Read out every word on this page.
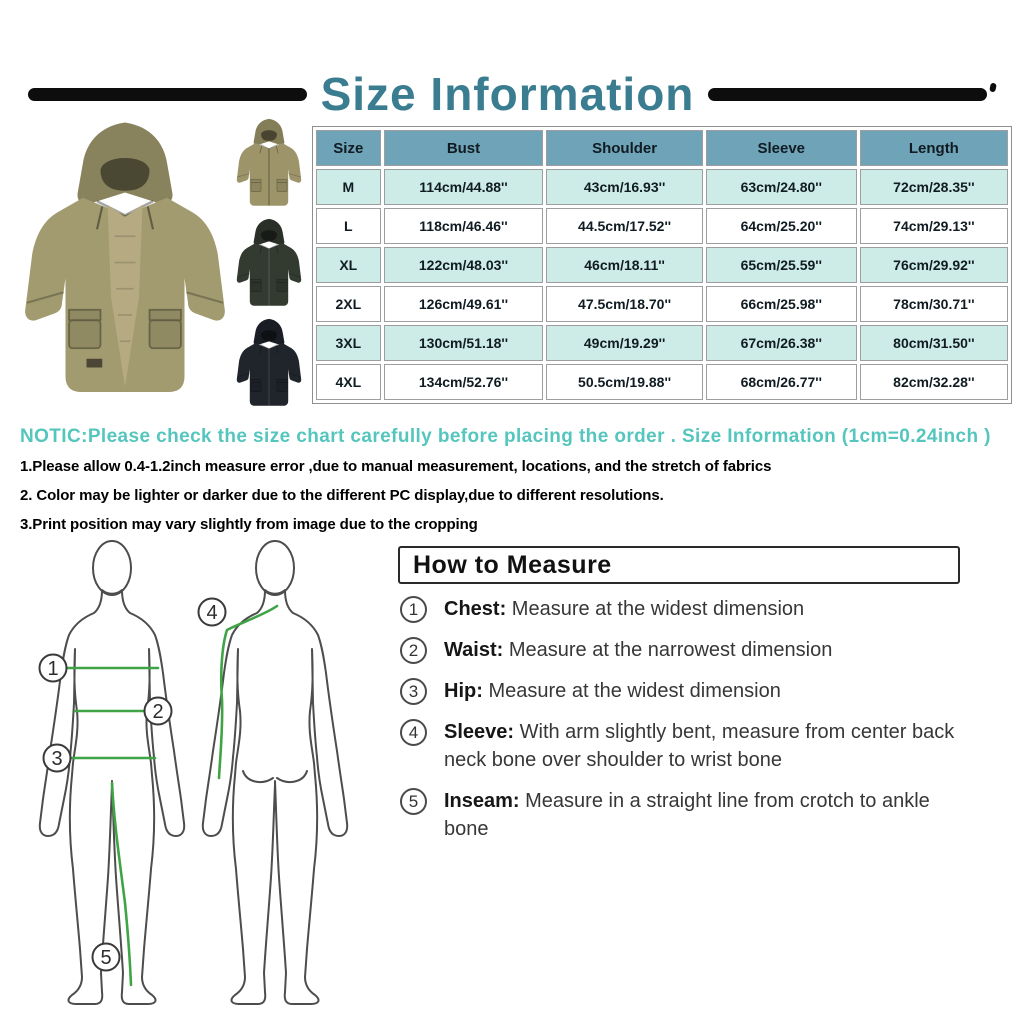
Size Information
Size	Bust	Shoulder	Sleeve	Length
M	114cm/44.88''	43cm/16.93''	63cm/24.80''	72cm/28.35''
L	118cm/46.46''	44.5cm/17.52''	64cm/25.20''	74cm/29.13''
XL	122cm/48.03''	46cm/18.11''	65cm/25.59''	76cm/29.92''
2XL	126cm/49.61''	47.5cm/18.70''	66cm/25.98''	78cm/30.71''
3XL	130cm/51.18''	49cm/19.29''	67cm/26.38''	80cm/31.50''
4XL	134cm/52.76''	50.5cm/19.88''	68cm/26.77''	82cm/32.28''
NOTIC:Please check the size chart carefully before placing the order . Size Information (1cm=0.24inch )
1.Please allow 0.4-1.2inch measure error ,due to manual measurement, locations, and the stretch of fabrics
2. Color may be lighter or darker due to the different PC display,due to different resolutions.
3.Print position may vary slightly from image due to the cropping
1
2
3
4
5
How to Measure
1	Chest: Measure at the widest dimension
2	Waist: Measure at the narrowest dimension
3	Hip: Measure at the widest dimension
4	Sleeve: With arm slightly bent, measure from center back neck bone over shoulder to wrist bone
5	Inseam: Measure in a straight line from crotch to ankle bone
